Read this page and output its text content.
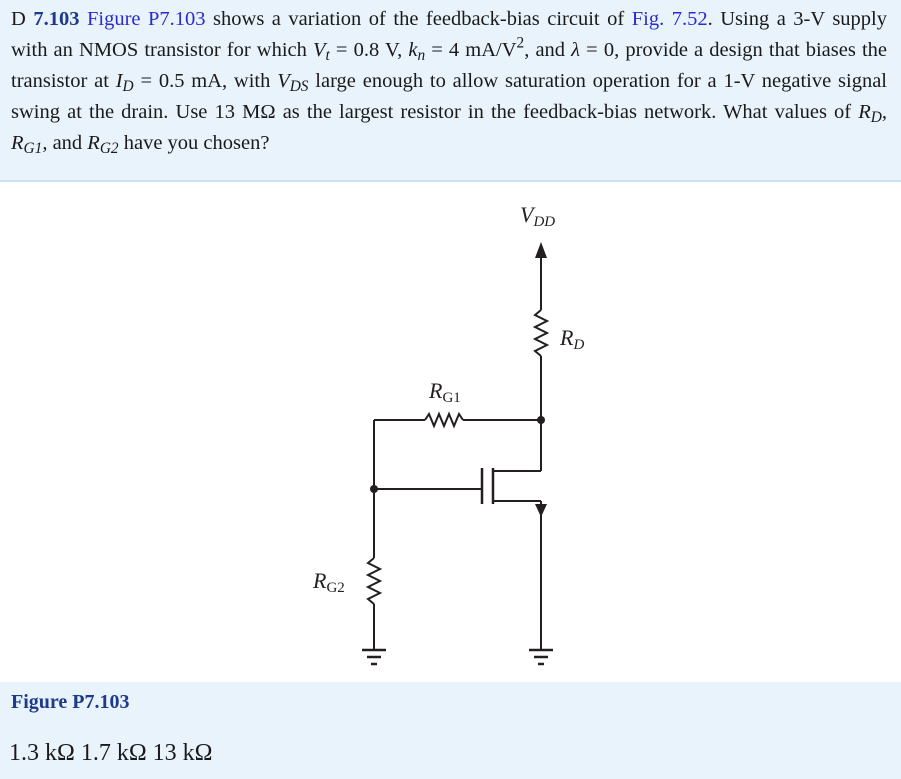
D 7.103 Figure P7.103 shows a variation of the feedback-bias circuit of Fig. 7.52. Using a 3-V supply with an NMOS transistor for which $V_t = 0.8$ V, $k_n = 4$ $mA/V^2$, and λ = 0, provide a design that biases the transistor at $I_D = 0.5$ mA, with $V_{DS}$ large enough to allow saturation operation for a 1-V negative signal swing at the drain. Use 13 MΩ as the largest resistor in the feedback-bias network. What values of $R_D$, $R_{G1}$, and $R_{G2}$ have you chosen?
VDD
RD
RG1
RG2
Figure P7.103
1.3 kΩ 1.7 kΩ 13 kΩ
